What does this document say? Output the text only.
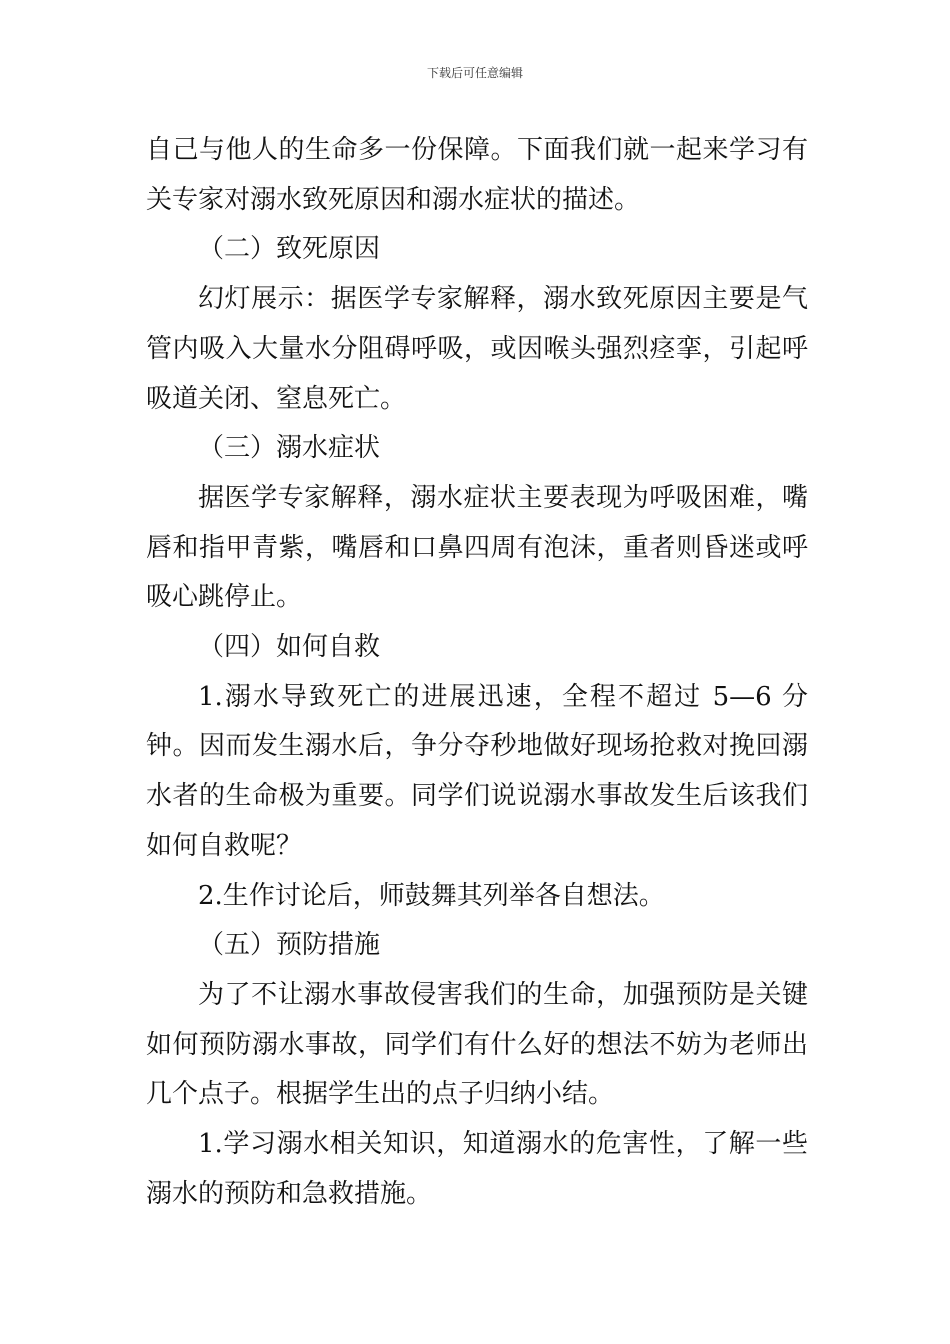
下载后可任意编辑

自己与他人的生命多一份保障。下面我们就一起来学习有关专家对溺水致死原因和溺水症状的描述。

（二）致死原因

幻灯展示：据医学专家解释，溺水致死原因主要是气管内吸入大量水分阻碍呼吸，或因喉头强烈痉挛，引起呼吸道关闭、窒息死亡。

（三）溺水症状

据医学专家解释，溺水症状主要表现为呼吸困难，嘴唇和指甲青紫，嘴唇和口鼻四周有泡沫，重者则昏迷或呼吸心跳停止。

（四）如何自救

1.溺水导致死亡的进展迅速，全程不超过 5—6 分钟。因而发生溺水后，争分夺秒地做好现场抢救对挽回溺水者的生命极为重要。同学们说说溺水事故发生后该我们如何自救呢？

2.生作讨论后，师鼓舞其列举各自想法。

（五）预防措施

为了不让溺水事故侵害我们的生命，加强预防是关键如何预防溺水事故，同学们有什么好的想法不妨为老师出几个点子。根据学生出的点子归纳小结。

1.学习溺水相关知识，知道溺水的危害性，了解一些溺水的预防和急救措施。
